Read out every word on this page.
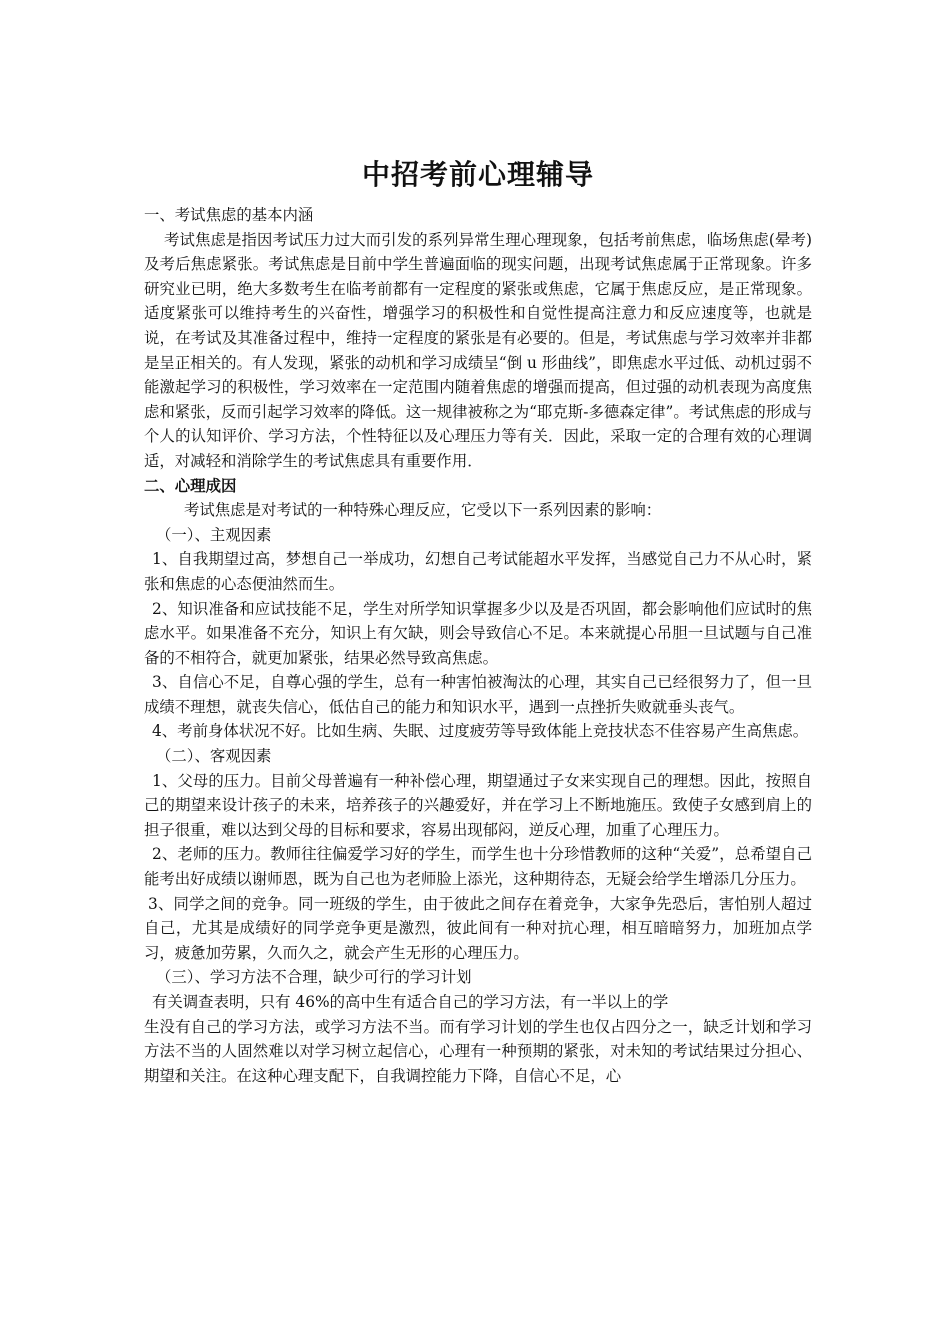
中招考前心理辅导

一、考试焦虑的基本内涵

考试焦虑是指因考试压力过大而引发的系列异常生理心理现象，包括考前焦虑，临场焦虑(晕考)及考后焦虑紧张。考试焦虑是目前中学生普遍面临的现实问题，出现考试焦虑属于正常现象。许多研究业已明，绝大多数考生在临考前都有一定程度的紧张或焦虑，它属于焦虑反应，是正常现象。适度紧张可以维持考生的兴奋性，增强学习的积极性和自觉性提高注意力和反应速度等，也就是说，在考试及其准备过程中，维持一定程度的紧张是有必要的。但是，考试焦虑与学习效率并非都是呈正相关的。有人发现，紧张的动机和学习成绩呈“倒 u 形曲线”，即焦虑水平过低、动机过弱不能激起学习的积极性，学习效率在一定范围内随着焦虑的增强而提高，但过强的动机表现为高度焦虑和紧张，反而引起学习效率的降低。这一规律被称之为“耶克斯-多德森定律”。考试焦虑的形成与个人的认知评价、学习方法，个性特征以及心理压力等有关．因此，采取一定的合理有效的心理调适，对减轻和消除学生的考试焦虑具有重要作用．

二、心理成因

考试焦虑是对考试的一种特殊心理反应，它受以下一系列因素的影响：

（一）、主观因素

1、自我期望过高，梦想自己一举成功，幻想自己考试能超水平发挥，当感觉自己力不从心时，紧张和焦虑的心态便油然而生。

2、知识准备和应试技能不足，学生对所学知识掌握多少以及是否巩固，都会影响他们应试时的焦虑水平。如果准备不充分，知识上有欠缺，则会导致信心不足。本来就提心吊胆一旦试题与自己准备的不相符合，就更加紧张，结果必然导致高焦虑。

3、自信心不足，自尊心强的学生，总有一种害怕被淘汰的心理，其实自己已经很努力了，但一旦成绩不理想，就丧失信心，低估自己的能力和知识水平，遇到一点挫折失败就垂头丧气。

4、考前身体状况不好。比如生病、失眠、过度疲劳等导致体能上竞技状态不佳容易产生高焦虑。

（二）、客观因素

1、父母的压力。目前父母普遍有一种补偿心理，期望通过子女来实现自己的理想。因此，按照自己的期望来设计孩子的未来，培养孩子的兴趣爱好，并在学习上不断地施压。致使子女感到肩上的担子很重，难以达到父母的目标和要求，容易出现郁闷，逆反心理，加重了心理压力。

2、老师的压力。教师往往偏爱学习好的学生，而学生也十分珍惜教师的这种“关爱”，总希望自己能考出好成绩以谢师恩，既为自己也为老师脸上添光，这种期待态，无疑会给学生增添几分压力。

3、同学之间的竞争。同一班级的学生，由于彼此之间存在着竞争，大家争先恐后，害怕别人超过自己，尤其是成绩好的同学竞争更是激烈，彼此间有一种对抗心理，相互暗暗努力，加班加点学习，疲惫加劳累，久而久之，就会产生无形的心理压力。

（三）、学习方法不合理，缺少可行的学习计划

有关调查表明，只有 46%的高中生有适合自己的学习方法，有一半以上的学

生没有自己的学习方法，或学习方法不当。而有学习计划的学生也仅占四分之一，缺乏计划和学习方法不当的人固然难以对学习树立起信心，心理有一种预期的紧张，对未知的考试结果过分担心、期望和关注。在这种心理支配下，自我调控能力下降，自信心不足，心
